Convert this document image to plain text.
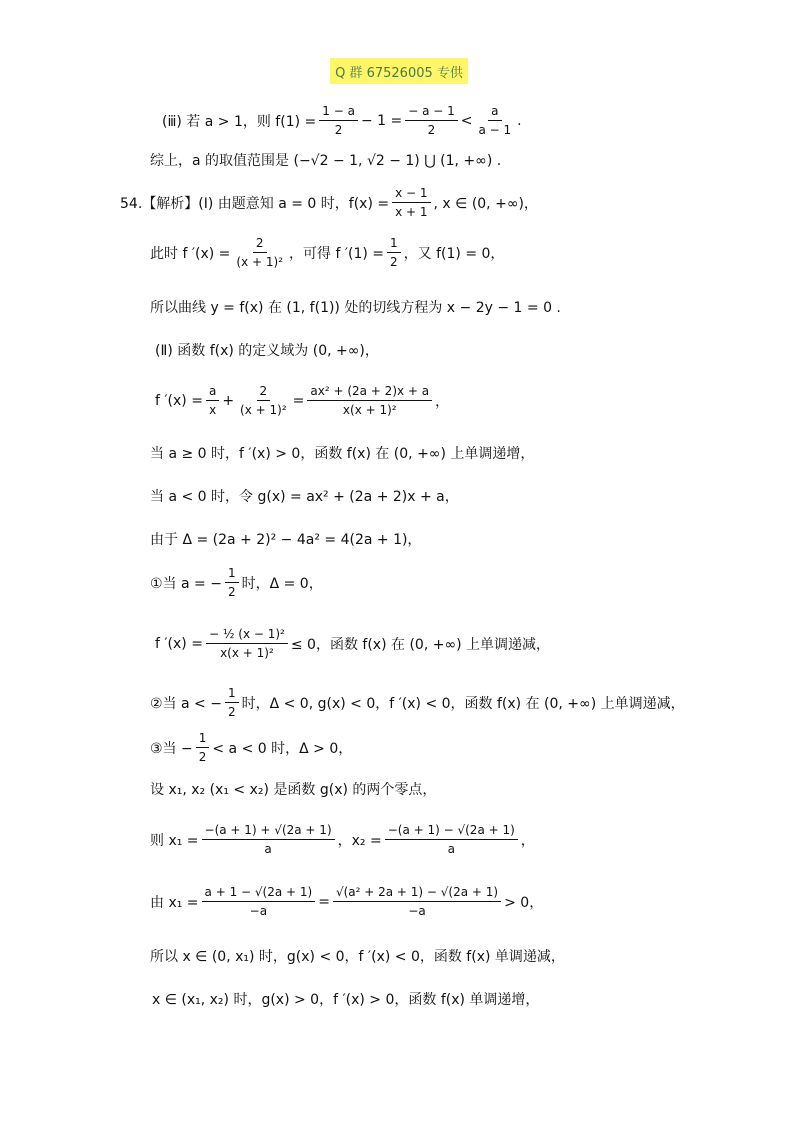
Q 群 67526005 专供
(ⅲ) 若 a > 1，则 $f(1) = \frac{1 - a}{2} - 1 = \frac{- a - 1}{2} < \frac{a}{a - 1}$ .
综上，a 的取值范围是 (−√2 − 1, √2 − 1) ⋃ (1, +∞) .
54.【解析】(Ⅰ) 由题意知 a = 0 时，$f(x) = \frac{x - 1}{x + 1}$ , x ∈ (0, +∞)，
此时 f $'(x) = \frac{2}{\text{(x + 1)²}}$ ，可得 f $'(1) = \frac{1}{2}$ ，又 f(1) = 0，
所以曲线 y = f(x) 在 (1, f(1)) 处的切线方程为 x − 2y − 1 = 0 .
(Ⅱ) 函数 f(x) 的定义域为 (0, +∞)，
f $'(x) = \frac{a}{x} + \frac{2}{\text{(x + 1)²}} = \frac{\text{ax² + (2a + 2)x + a}}{\text{x(x + 1)²}}$ ，
当 a ≥ 0 时，f ′(x) > 0，函数 f(x) 在 (0, +∞) 上单调递增，
当 a < 0 时，令 g(x) = ax² + (2a + 2)x + a，
由于 Δ = (2a + 2)² − 4a² = 4(2a + 1)，
①当 a = − $\frac{1}{2}$ 时，Δ = 0，
f $'(x) = \frac{\text{− ½ (x − 1)²}}{\text{x(x + 1)²}} \le 0$，函数 f(x) 在 (0, +∞) 上单调递减，
②当 a < − $\frac{1}{2}$ 时，Δ < 0, g(x) < 0，f ′(x) < 0，函数 f(x) 在 (0, +∞) 上单调递减，
③当 − $\frac{1}{2} < a < 0$ 时，Δ > 0，
设 x₁, x₂ (x₁ < x₂) 是函数 g(x) 的两个零点，
则 $x_1 = \frac{-(a + 1) + √(2a + 1)}{a}$ ，$x_2 = \frac{-(a + 1) - √(2a + 1)}{a}$ ，
由 $x_1 = \frac{a + 1 - √(2a + 1)}{-a} = \frac{\text{√(a² + 2a + 1) − √(2a + 1)}}{-a} > 0$，
所以 x ∈ (0, x₁) 时，g(x) < 0，f ′(x) < 0，函数 f(x) 单调递减，
x ∈ (x₁, x₂) 时，g(x) > 0，f ′(x) > 0，函数 f(x) 单调递增，
